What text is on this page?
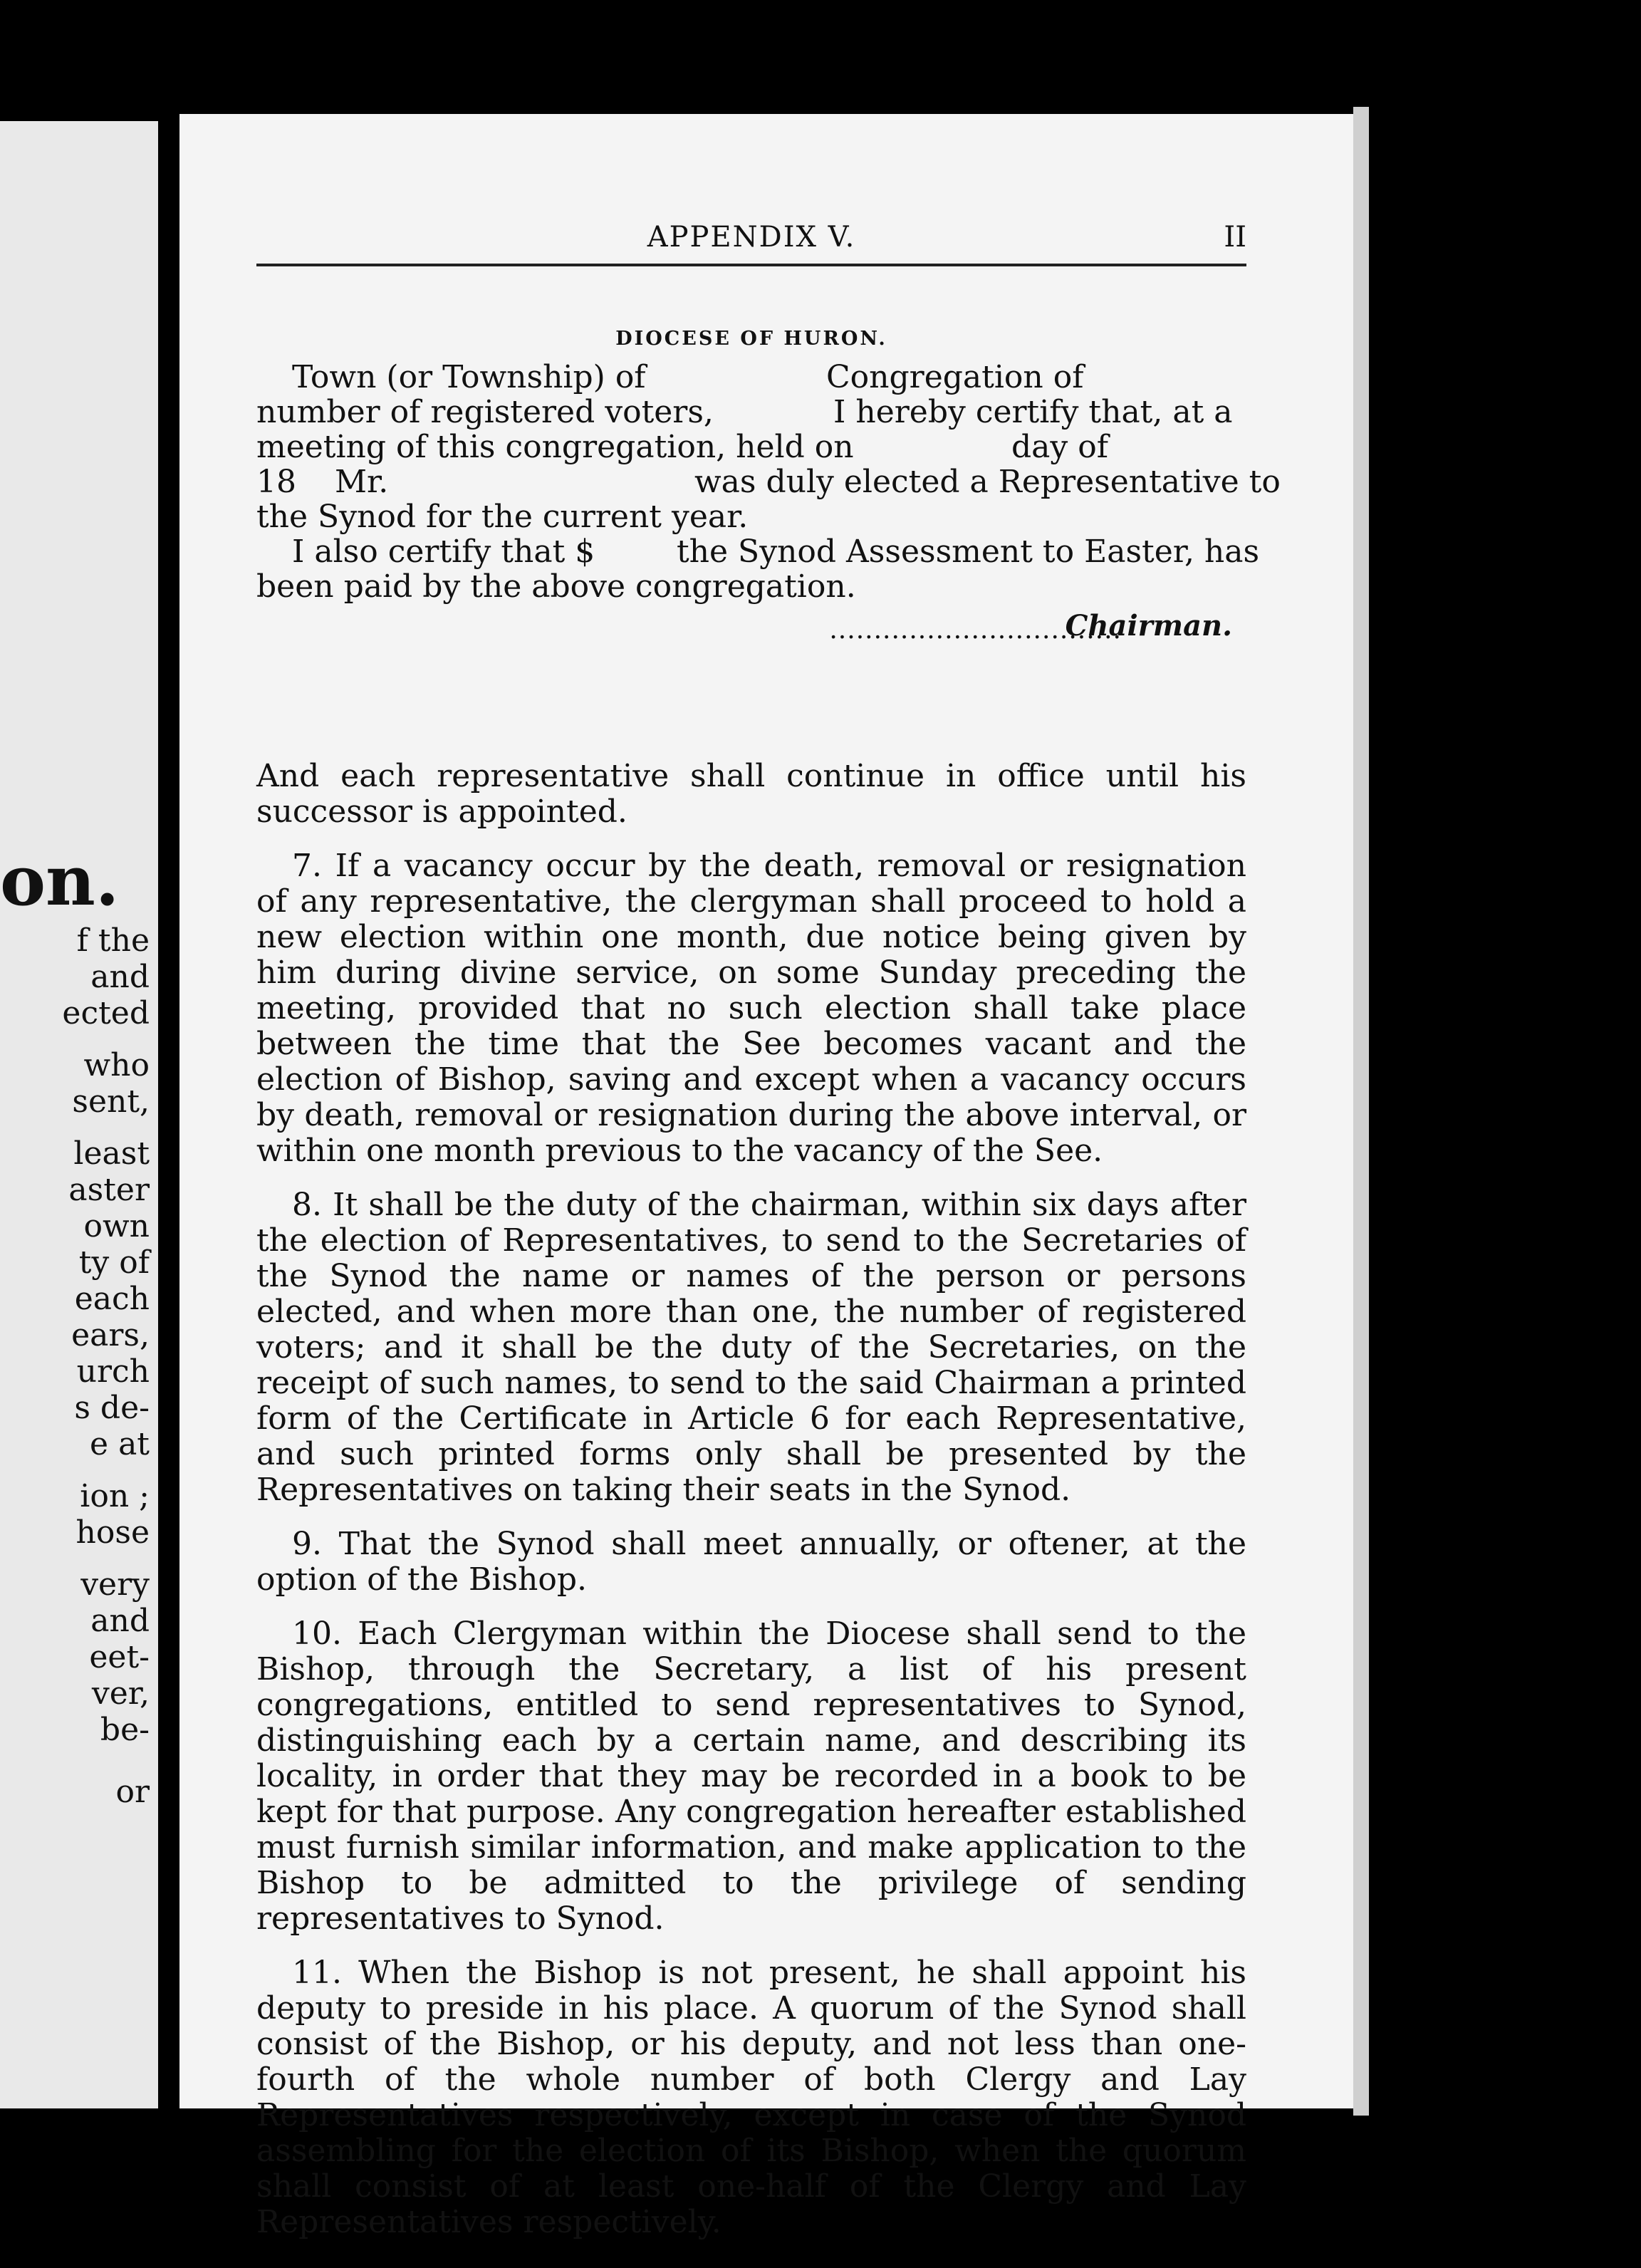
on.
f the
and
ected
who
sent,
least
aster
own
ty of
each
ears,
urch
s de-
e at
ion ;
hose
very
and
eet-
ver,
be-
or
APPENDIX V.	II
DIOCESE OF HURON.
Town (or Township) of	Congregation of
number of registered voters,	I hereby certify that, at a
meeting of this congregation, held on	day of
18 Mr.	was duly elected a Representative to
the Synod for the current year.
I also certify that $	the Synod Assessment to Easter, has
been paid by the above congregation.
.................................
Chairman.

And each representative shall continue in office until his successor is appointed.

7. If a vacancy occur by the death, removal or resignation of any representative, the clergyman shall proceed to hold a new election within one month, due notice being given by him during divine service, on some Sunday preceding the meeting, provided that no such election shall take place between the time that the See becomes vacant and the election of Bishop, saving and except when a vacancy occurs by death, removal or resignation during the above interval, or within one month previous to the vacancy of the See.

8. It shall be the duty of the chairman, within six days after the election of Representatives, to send to the Secretaries of the Synod the name or names of the person or persons elected, and when more than one, the number of registered voters; and it shall be the duty of the Secretaries, on the receipt of such names, to send to the said Chairman a printed form of the Certificate in Article 6 for each Representative, and such printed forms only shall be presented by the Representatives on taking their seats in the Synod.

9. That the Synod shall meet annually, or oftener, at the option of the Bishop.

10. Each Clergyman within the Diocese shall send to the Bishop, through the Secretary, a list of his present congregations, entitled to send representatives to Synod, distinguishing each by a certain name, and describing its locality, in order that they may be recorded in a book to be kept for that purpose. Any congregation hereafter established must furnish similar information, and make application to the Bishop to be admitted to the privilege of sending representatives to Synod.

11. When the Bishop is not present, he shall appoint his deputy to preside in his place. A quorum of the Synod shall consist of the Bishop, or his deputy, and not less than one-fourth of the whole number of both Clergy and Lay Representatives respectively, except in case of the Synod assembling for the election of its Bishop, when the quorum shall consist of at least one-half of the Clergy and Lay Representatives respectively.
